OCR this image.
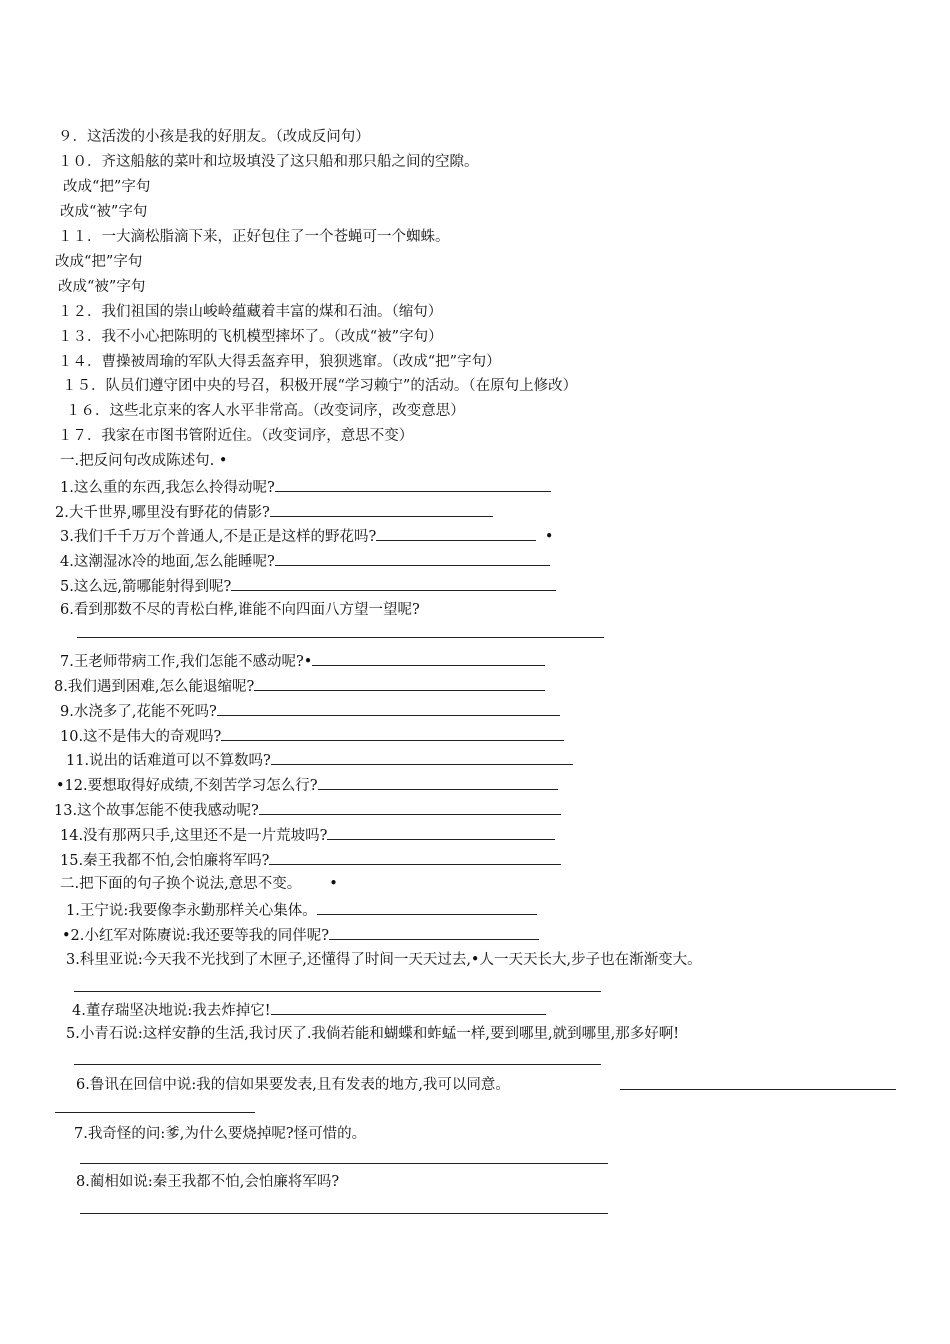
９．这活泼的小孩是我的好朋友。（改成反问句）
１０．齐这船舷的菜叶和垃圾填没了这只船和那只船之间的空隙。
改成“把”字句
改成“被”字句
１１．一大滴松脂滴下来，正好包住了一个苍蝇可一个蜘蛛。
改成“把”字句
改成“被”字句
１２．我们祖国的崇山峻岭蕴藏着丰富的煤和石油。（缩句）
１３．我不小心把陈明的飞机模型摔坏了。（改成“被”字句）
１４．曹操被周瑜的军队大得丢盔弃甲，狼狈逃窜。（改成“把”字句）
１５．队员们遵守团中央的号召，积极开展“学习赖宁”的活动。（在原句上修改）
１６．这些北京来的客人水平非常高。（改变词序，改变意思）
１７．我家在市图书管附近住。（改变词序，意思不变）
一.把反问句改成陈述句. •
1.这么重的东西,我怎么拎得动呢?
2.大千世界,哪里没有野花的倩影?
3.我们千千万万个普通人,不是正是这样的野花吗?	•
4.这潮湿冰冷的地面,怎么能睡呢?
5.这么远,箭哪能射得到呢?
6.看到那数不尽的青松白桦,谁能不向四面八方望一望呢?
7.王老师带病工作,我们怎能不感动呢?•
8.我们遇到困难,怎么能退缩呢?
9.水浇多了,花能不死吗?
10.这不是伟大的奇观吗?
11.说出的话难道可以不算数吗?
•12.要想取得好成绩,不刻苦学习怎么行?
13.这个故事怎能不使我感动呢?
14.没有那两只手,这里还不是一片荒坡吗?
15.秦王我都不怕,会怕廉将军吗?
二.把下面的句子换个说法,意思不变。 •
1.王宁说:我要像李永勤那样关心集体。
•2.小红军对陈赓说:我还要等我的同伴呢?
3.科里亚说:今天我不光找到了木匣子,还懂得了时间一天天过去,•人一天天长大,步子也在渐渐变大。
4.董存瑞坚决地说:我去炸掉它!
5.小青石说:这样安静的生活,我讨厌了.我倘若能和蝴蝶和蚱蜢一样,要到哪里,就到哪里,那多好啊!
6.鲁讯在回信中说:我的信如果要发表,且有发表的地方,我可以同意。
7.我奇怪的问:爹,为什么要烧掉呢?怪可惜的。
8.蔺相如说:秦王我都不怕,会怕廉将军吗?
